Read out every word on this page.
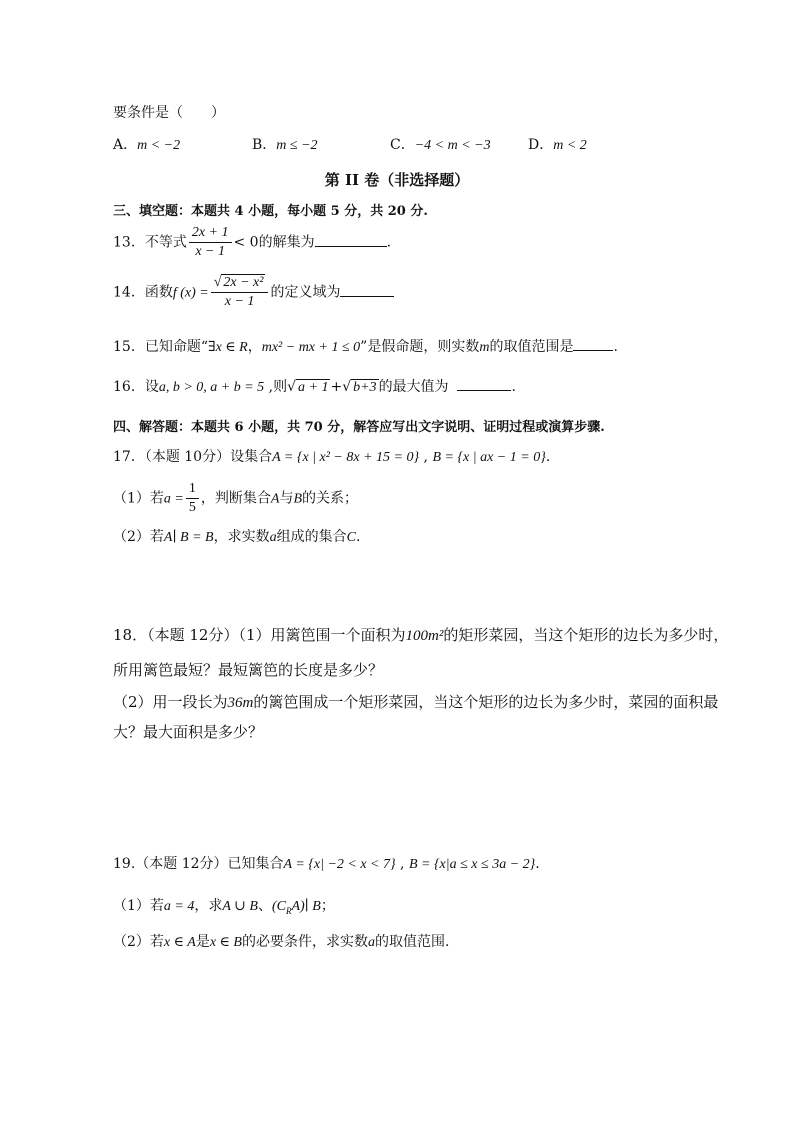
要条件是（　　）
A．m < −2	B．m ≤ −2	C．−4 < m < −3	D．m < 2
第 II 卷（非选择题）
三、填空题：本题共 4 小题，每小题 5 分，共 20 分.
13．不等式 $\frac{2x + 1}{x - 1} < 0$的解集为	.
14．函数f $(x) = \frac{\text{√ 2x − x²}}{x - 1}$ 的定义域为
15．已知命题“∃x ∈ R，mx² − mx + 1 ≤ 0”是假命题，则实数m的取值范围是	.
16．设a, b > 0, a + b = 5 ,则√ a + 1 +√ b+3 的最大值为	.
四、解答题：本题共 6 小题，共 70 分，解答应写出文字说明、证明过程或演算步骤.
17．（本题 10分）设集合A = {x | x² − 8x + 15 = 0} , B = {x | ax − 1 = 0}.
（1）若$a = \frac{1}{5}$ ，判断集合A与B的关系；
（2）若A∣ B = B，求实数a组成的集合C.
18．（本题 12分）（1）用篱笆围一个面积为100m²的矩形菜园，当这个矩形的边长为多少时，
所用篱笆最短？最短篱笆的长度是多少？
（2）用一段长为36m的篱笆围成一个矩形菜园，当这个矩形的边长为多少时，菜园的面积最
大？最大面积是多少？
19.（本题 12分）已知集合A = {x| −2 < x < 7} , B = {x|a ≤ x ≤ 3a − 2}.
（1）若a = 4，求A ∪ B、$(C_RA)∣$ B；
（2）若x ∈ A是x ∈ B的必要条件，求实数a的取值范围.
